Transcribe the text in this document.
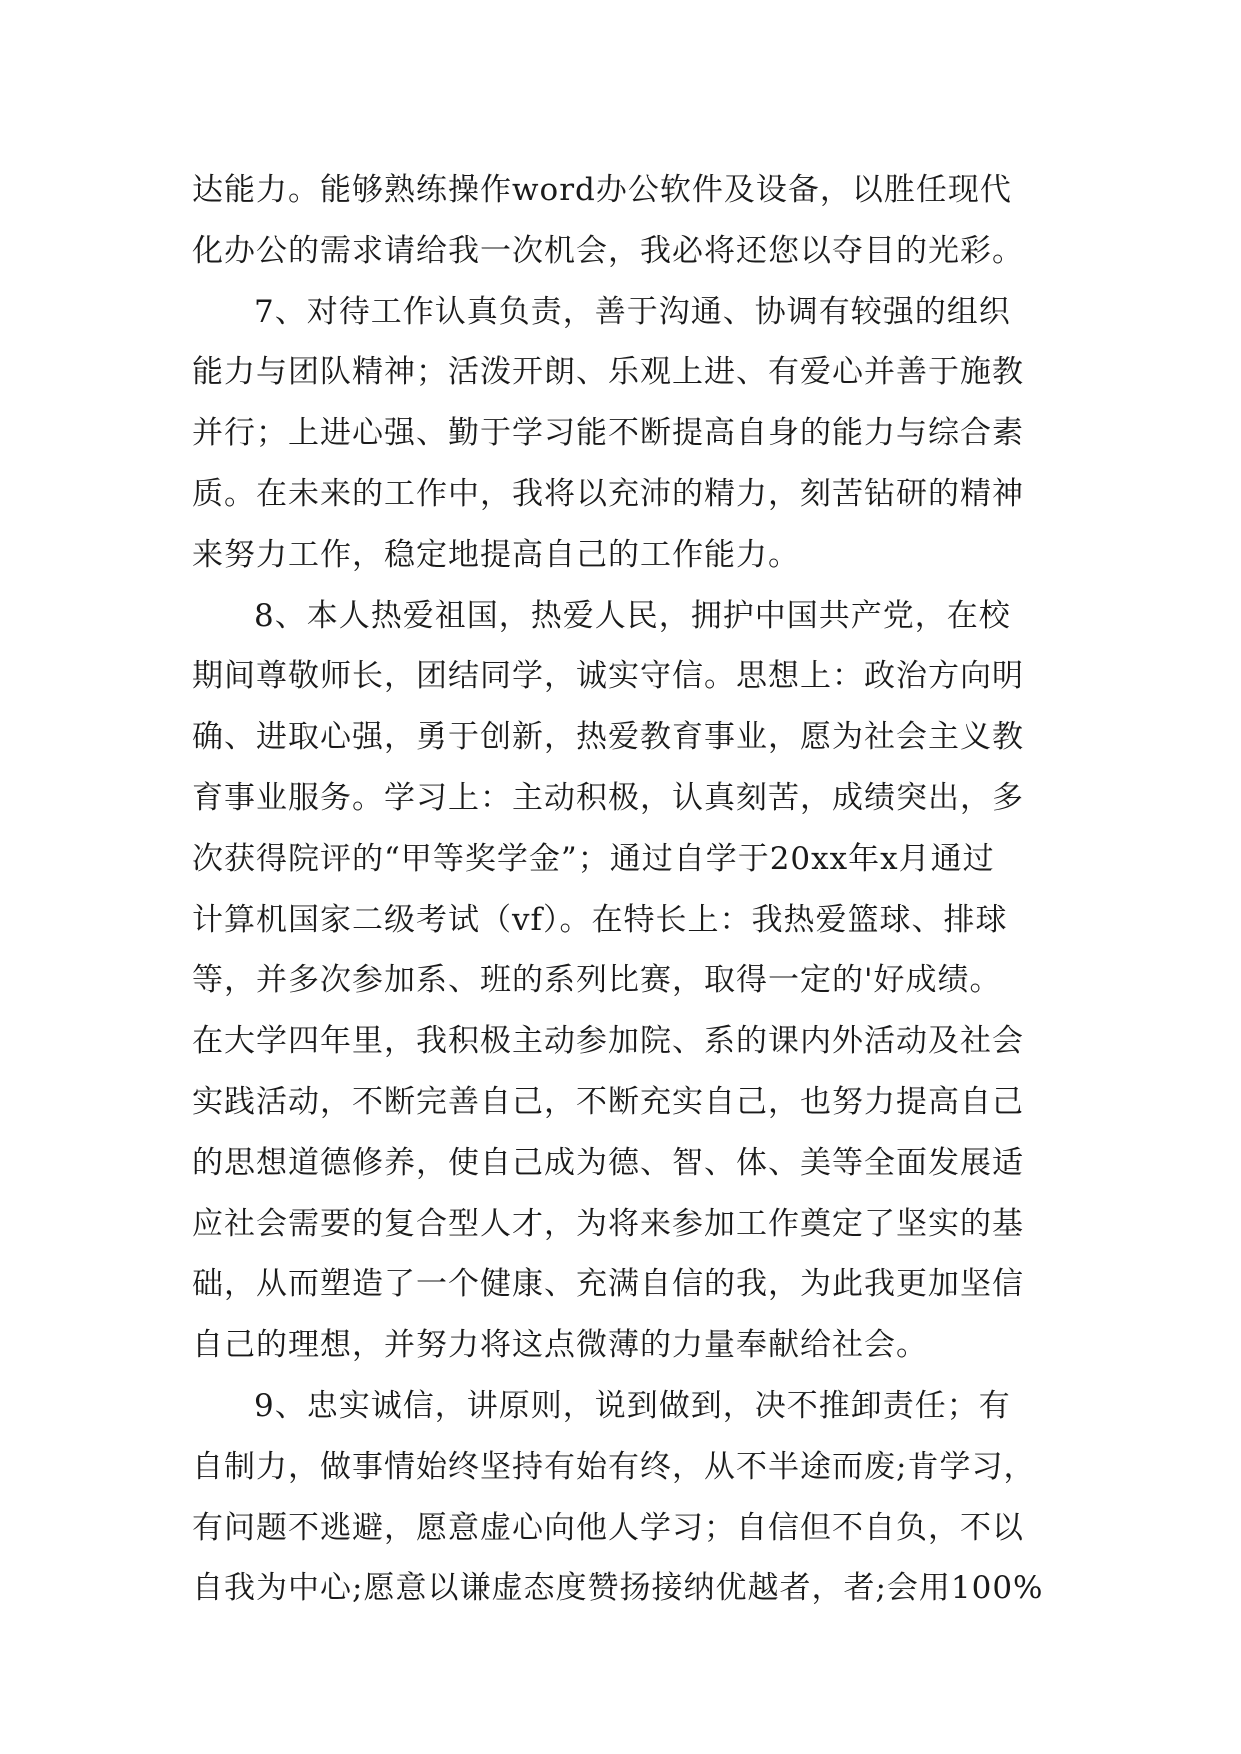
达能力。能够熟练操作word办公软件及设备，以胜任现代
化办公的需求请给我一次机会，我必将还您以夺目的光彩。
7、对待工作认真负责，善于沟通、协调有较强的组织
能力与团队精神；活泼开朗、乐观上进、有爱心并善于施教
并行；上进心强、勤于学习能不断提高自身的能力与综合素
质。在未来的工作中，我将以充沛的精力，刻苦钻研的精神
来努力工作，稳定地提高自己的工作能力。
8、本人热爱祖国，热爱人民，拥护中国共产党，在校
期间尊敬师长，团结同学，诚实守信。思想上：政治方向明
确、进取心强，勇于创新，热爱教育事业，愿为社会主义教
育事业服务。学习上：主动积极，认真刻苦，成绩突出，多
次获得院评的“甲等奖学金”；通过自学于20xx年x月通过
计算机国家二级考试（vf）。在特长上：我热爱篮球、排球
等，并多次参加系、班的系列比赛，取得一定的'好成绩。
在大学四年里，我积极主动参加院、系的课内外活动及社会
实践活动，不断完善自己，不断充实自己，也努力提高自己
的思想道德修养，使自己成为德、智、体、美等全面发展适
应社会需要的复合型人才，为将来参加工作奠定了坚实的基
础，从而塑造了一个健康、充满自信的我，为此我更加坚信
自己的理想，并努力将这点微薄的力量奉献给社会。
9、忠实诚信，讲原则，说到做到，决不推卸责任；有
自制力，做事情始终坚持有始有终，从不半途而废;肯学习，
有问题不逃避，愿意虚心向他人学习；自信但不自负，不以
自我为中心;愿意以谦虚态度赞扬接纳优越者，者;会用100%
